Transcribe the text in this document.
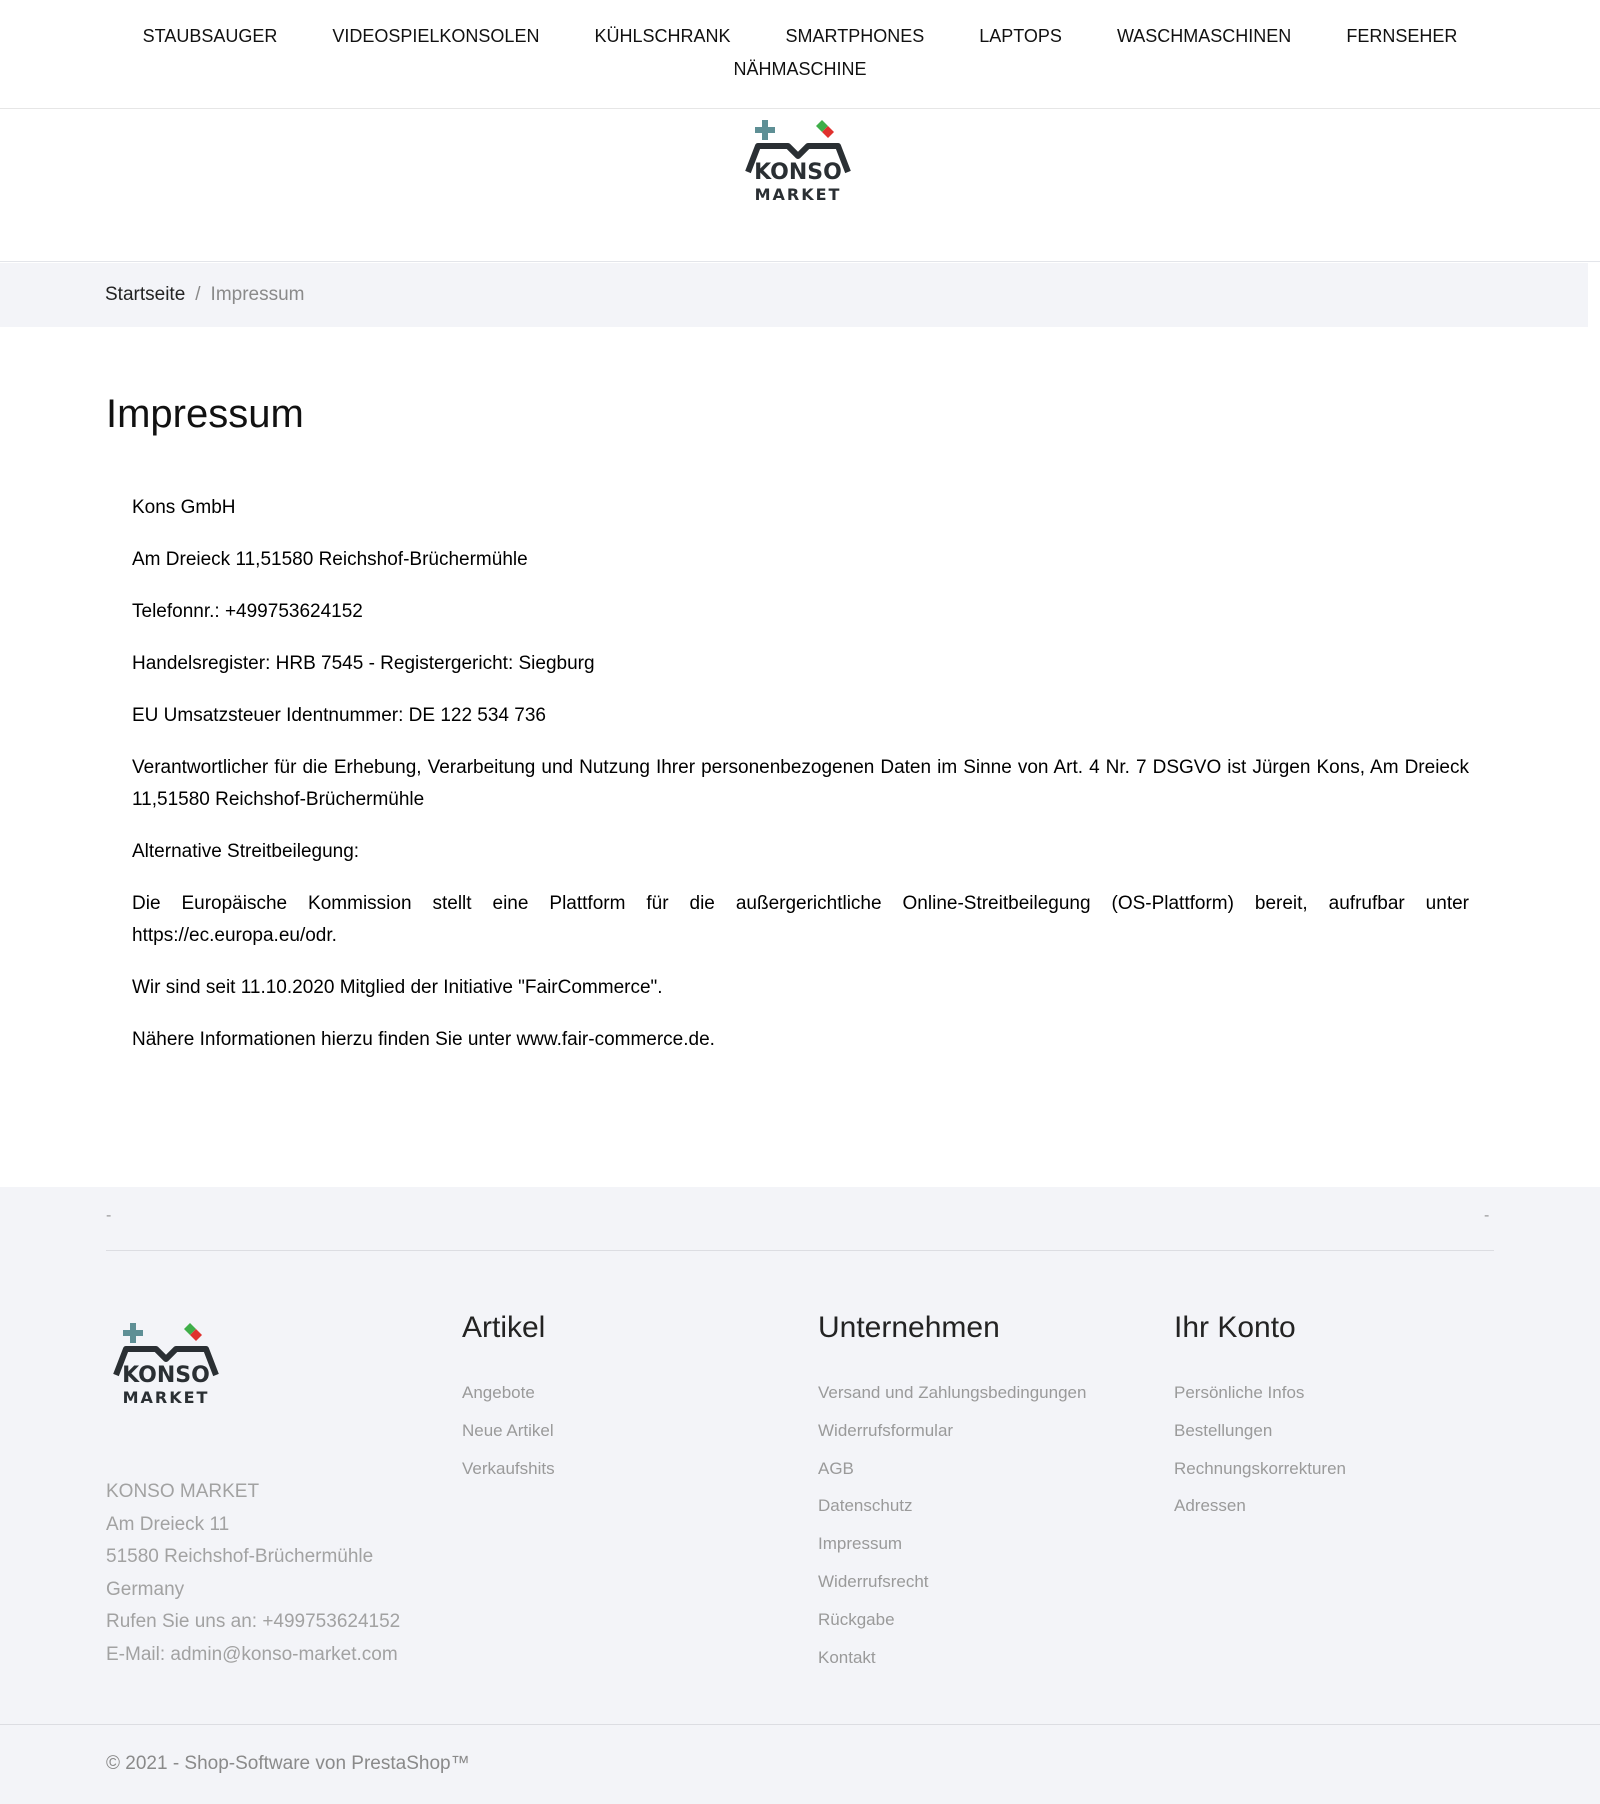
STAUBSAUGER	VIDEOSPIELKONSOLEN	KÜHLSCHRANK	SMARTPHONES	LAPTOPS	WASCHMASCHINEN	FERNSEHER
NÄHMASCHINE
KONSO
MARKET
Startseite / Impressum
Impressum

Kons GmbH

Am Dreieck 11,51580 Reichshof-Brüchermühle

Telefonnr.: +499753624152

Handelsregister: HRB 7545 - Registergericht: Siegburg

EU Umsatzsteuer Identnummer: DE 122 534 736

Verantwortlicher für die Erhebung, Verarbeitung und Nutzung Ihrer personenbezogenen Daten im Sinne von Art. 4 Nr. 7 DSGVO ist Jürgen Kons, Am Dreieck 11,51580 Reichshof-Brüchermühle

Alternative Streitbeilegung:

Die Europäische Kommission stellt eine Plattform für die außergerichtliche Online-Streitbeilegung (OS-Plattform) bereit, aufrufbar unter https://ec.europa.eu/odr.

Wir sind seit 11.10.2020 Mitglied der Initiative "FairCommerce".

Nähere Informationen hierzu finden Sie unter www.fair-commerce.de.

-	-
KONSO
MARKET
KONSO MARKET
Am Dreieck 11
51580 Reichshof-Brüchermühle
Germany
Rufen Sie uns an: +499753624152
E-Mail: admin@konso-market.com
Artikel
Angebote
Neue Artikel
Verkaufshits
Unternehmen
Versand und Zahlungsbedingungen
Widerrufsformular
AGB
Datenschutz
Impressum
Widerrufsrecht
Rückgabe
Kontakt
Ihr Konto
Persönliche Infos
Bestellungen
Rechnungskorrekturen
Adressen
© 2021 - Shop-Software von PrestaShop™
